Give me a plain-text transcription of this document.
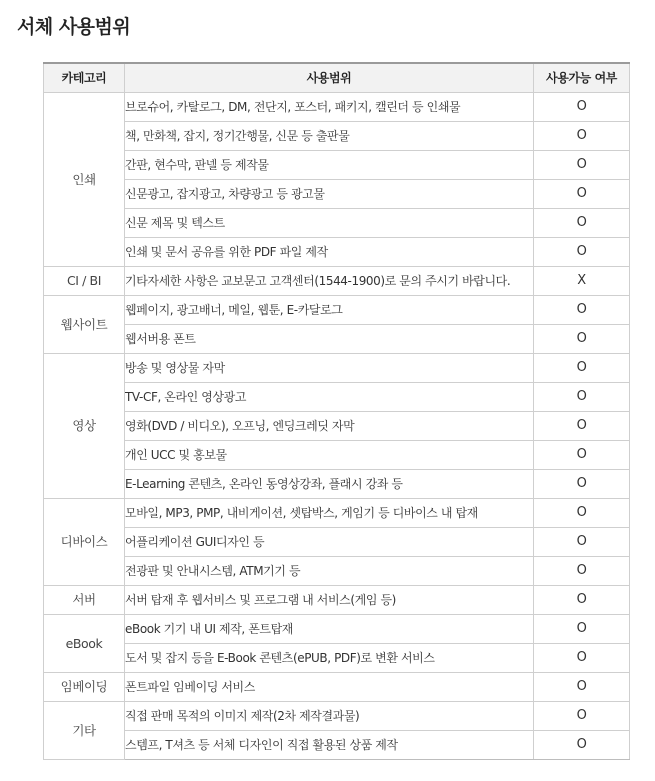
서체 사용범위
카테고리	사용범위	사용가능 여부
인쇄	브로슈어, 카탈로그, DM, 전단지, 포스터, 패키지, 캘린더 등 인쇄물	O
	책, 만화책, 잡지, 정기간행물, 신문 등 출판물	O
	간판, 현수막, 판넬 등 제작물	O
	신문광고, 잡지광고, 차량광고 등 광고물	O
	신문 제목 및 텍스트	O
	인쇄 및 문서 공유를 위한 PDF 파일 제작	O
CI / BI	기타자세한 사항은 교보문고 고객센터(1544-1900)로 문의 주시기 바랍니다.	X
웹사이트	웹페이지, 광고배너, 메일, 웹툰, E-카달로그	O
	웹서버용 폰트	O
영상	방송 및 영상물 자막	O
	TV-CF, 온라인 영상광고	O
	영화(DVD / 비디오), 오프닝, 엔딩크레딧 자막	O
	개인 UCC 및 홍보물	O
	E-Learning 콘텐츠, 온라인 동영상강좌, 플래시 강좌 등	O
디바이스	모바일, MP3, PMP, 내비게이션, 셋탑박스, 게임기 등 디바이스 내 탑재	O
	어플리케이션 GUI디자인 등	O
	전광판 및 안내시스템, ATM기기 등	O
서버	서버 탑재 후 웹서비스 및 프로그램 내 서비스(게임 등)	O
eBook	eBook 기기 내 UI 제작, 폰트탑재	O
	도서 및 잡지 등을 E-Book 콘텐츠(ePUB, PDF)로 변환 서비스	O
임베이딩	폰트파일 임베이딩 서비스	O
기타	직접 판매 목적의 이미지 제작(2차 제작결과물)	O
	스템프, T셔츠 등 서체 디자인이 직접 활용된 상품 제작	O
